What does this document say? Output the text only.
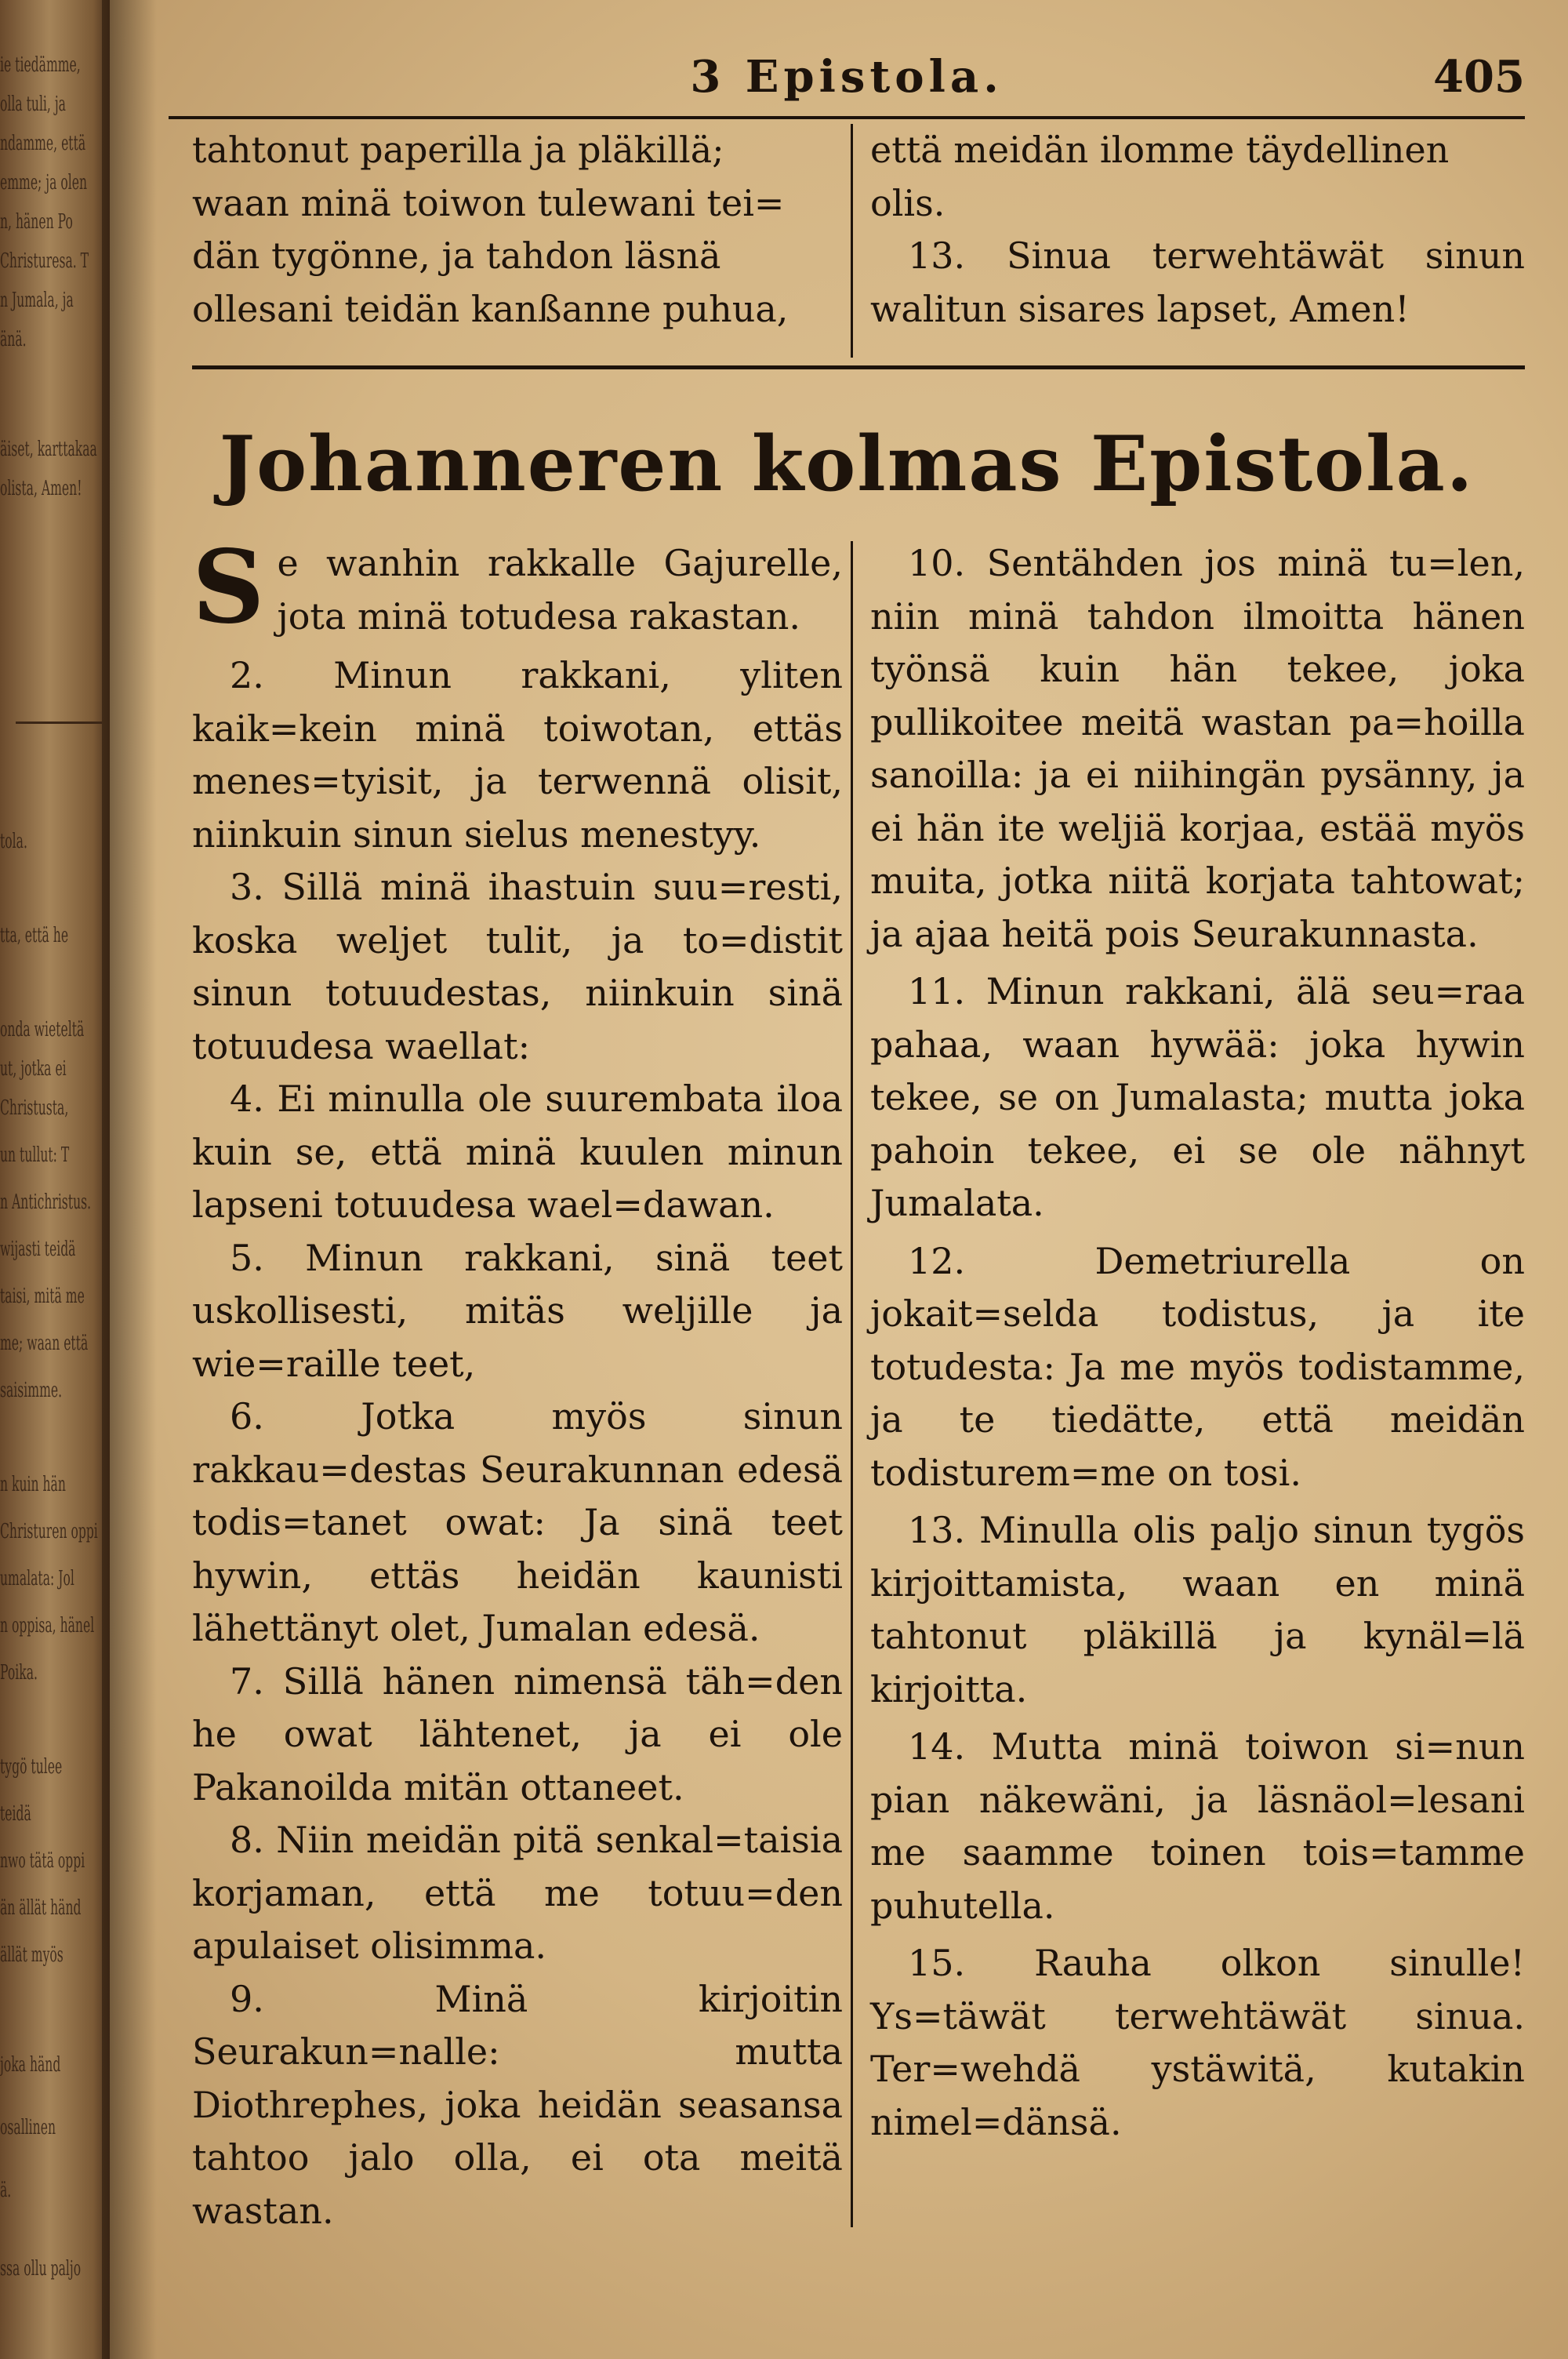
ie tiedämme,
olla tuli, ja
ndamme, että
emme; ja olen
n, hänen Po
Christuresa. T
n Jumala, ja
änä.
äiset, karttakaa
olista, Amen!
tola.
tta, että he
onda wieteltä
ut, jotka ei
Christusta,
un tullut: T
n Antichristus.
wijasti teidä
taisi, mitä me
me; waan että
saisimme.
n kuin hän
Christuren oppi
umalata: Jol
n oppisa, hänel
Poika.
tygö tulee
teidä
nwo tätä oppi
än ällät händ
ällät myös
joka händ
osallinen
ä.
ssa ollu paljo
3 Epistola.	405

tahtonut paperilla ja pläkillä;

waan minä toiwon tulewani tei=

dän tygönne, ja tahdon läsnä

ollesani teidän kanßanne puhua,

että meidän ilomme täydellinen

olis.

13. Sinua terwehtäwät sinun walitun sisares lapset, Amen!

Johanneren kolmas Epistola.

S e wanhin rakkalle Gajurelle, jota minä totudesa rakastan.

2. Minun rakkani, yliten kaik=kein minä toiwotan, ettäs menes=tyisit, ja terwennä olisit, niinkuin sinun sielus menestyy.

3. Sillä minä ihastuin suu=resti, koska weljet tulit, ja to=distit sinun totuudestas, niinkuin sinä totuudesa waellat:

4. Ei minulla ole suurembata iloa kuin se, että minä kuulen minun lapseni totuudesa wael=dawan.

5. Minun rakkani, sinä teet uskollisesti, mitäs weljille ja wie=raille teet,

6. Jotka myös sinun rakkau=destas Seurakunnan edesä todis=tanet owat: Ja sinä teet hywin, ettäs heidän kaunisti lähettänyt olet, Jumalan edesä.

7. Sillä hänen nimensä täh=den he owat lähtenet, ja ei ole Pakanoilda mitän ottaneet.

8. Niin meidän pitä senkal=taisia korjaman, että me totuu=den apulaiset olisimma.

9. Minä kirjoitin Seurakun=nalle: mutta Diothrephes, joka heidän seasansa tahtoo jalo olla, ei ota meitä wastan.

10. Sentähden jos minä tu=len, niin minä tahdon ilmoitta hänen työnsä kuin hän tekee, joka pullikoitee meitä wastan pa=hoilla sanoilla: ja ei niihingän pysänny, ja ei hän ite weljiä korjaa, estää myös muita, jotka niitä korjata tahtowat; ja ajaa heitä pois Seurakunnasta.

11. Minun rakkani, älä seu=raa pahaa, waan hywää: joka hywin tekee, se on Jumalasta; mutta joka pahoin tekee, ei se ole nähnyt Jumalata.

12. Demetriurella on jokait=selda todistus, ja ite totudesta: Ja me myös todistamme, ja te tiedätte, että meidän todisturem=me on tosi.

13. Minulla olis paljo sinun tygös kirjoittamista, waan en minä tahtonut pläkillä ja kynäl=lä kirjoitta.

14. Mutta minä toiwon si=nun pian näkewäni, ja läsnäol=lesani me saamme toinen tois=tamme puhutella.

15. Rauha olkon sinulle! Ys=täwät terwehtäwät sinua. Ter=wehdä ystäwitä, kutakin nimel=dänsä.
